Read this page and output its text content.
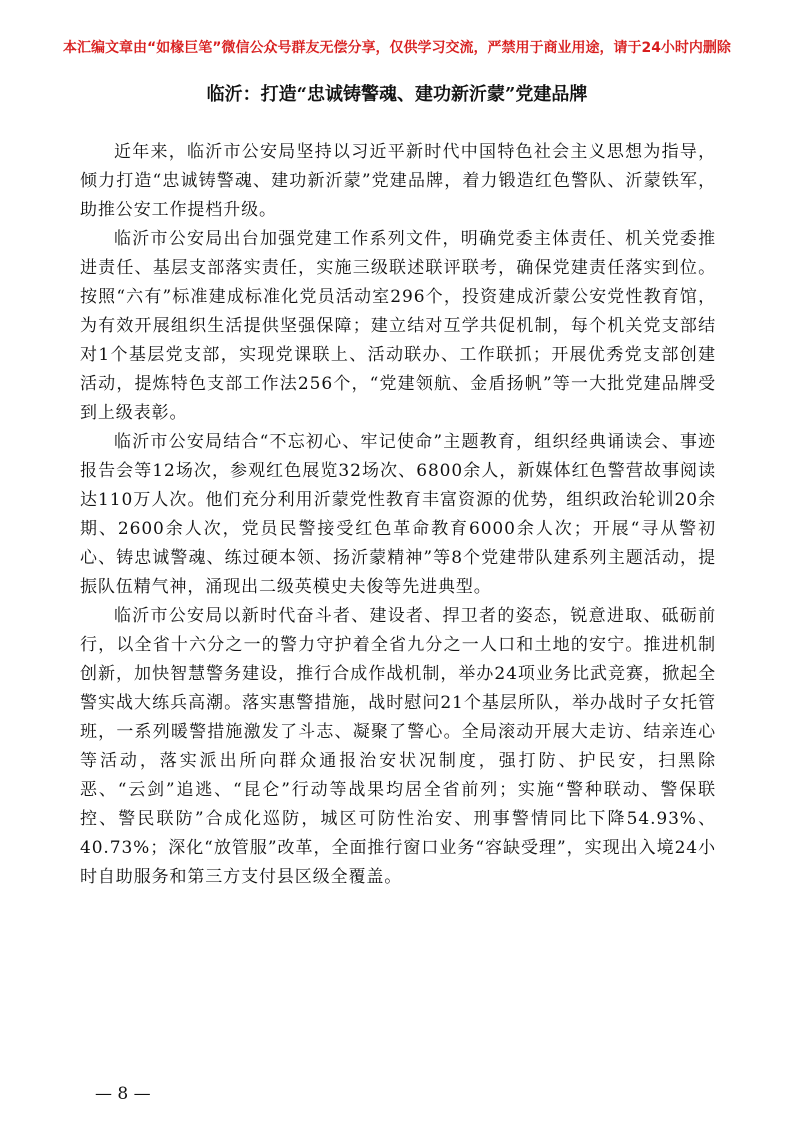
本汇编文章由“如椽巨笔”微信公众号群友无偿分享，仅供学习交流，严禁用于商业用途，请于24小时内删除
临沂：打造“忠诚铸警魂、建功新沂蒙”党建品牌

近年来，临沂市公安局坚持以习近平新时代中国特色社会主义思想为指导，倾力打造“忠诚铸警魂、建功新沂蒙”党建品牌，着力锻造红色警队、沂蒙铁军，助推公安工作提档升级。

临沂市公安局出台加强党建工作系列文件，明确党委主体责任、机关党委推进责任、基层支部落实责任，实施三级联述联评联考，确保党建责任落实到位。按照“六有”标准建成标准化党员活动室296个，投资建成沂蒙公安党性教育馆，为有效开展组织生活提供坚强保障；建立结对互学共促机制，每个机关党支部结对1个基层党支部，实现党课联上、活动联办、工作联抓；开展优秀党支部创建活动，提炼特色支部工作法256个，“党建领航、金盾扬帆”等一大批党建品牌受到上级表彰。

临沂市公安局结合“不忘初心、牢记使命”主题教育，组织经典诵读会、事迹报告会等12场次，参观红色展览32场次、6800余人，新媒体红色警营故事阅读达110万人次。他们充分利用沂蒙党性教育丰富资源的优势，组织政治轮训20余期、2600余人次，党员民警接受红色革命教育6000余人次；开展“寻从警初心、铸忠诚警魂、练过硬本领、扬沂蒙精神”等8个党建带队建系列主题活动，提振队伍精气神，涌现出二级英模史夫俊等先进典型。

临沂市公安局以新时代奋斗者、建设者、捍卫者的姿态，锐意进取、砥砺前行，以全省十六分之一的警力守护着全省九分之一人口和土地的安宁。推进机制创新，加快智慧警务建设，推行合成作战机制，举办24项业务比武竞赛，掀起全警实战大练兵高潮。落实惠警措施，战时慰问21个基层所队，举办战时子女托管班，一系列暖警措施激发了斗志、凝聚了警心。全局滚动开展大走访、结亲连心等活动，落实派出所向群众通报治安状况制度，强打防、护民安，扫黑除恶、“云剑”追逃、“昆仑”行动等战果均居全省前列；实施“警种联动、警保联控、警民联防”合成化巡防，城区可防性治安、刑事警情同比下降54.93%、40.73%；深化“放管服”改革，全面推行窗口业务“容缺受理”，实现出入境24小时自助服务和第三方支付县区级全覆盖。

— 8 —
